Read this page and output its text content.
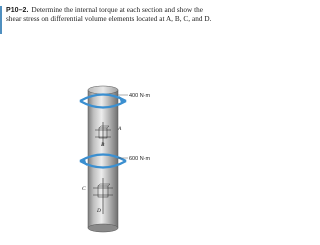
P10–2. Determine the internal torque at each section and show the shear stress on differential volume elements located at A, B, C, and D.
400 N·m
A
B
600 N·m
C
D
